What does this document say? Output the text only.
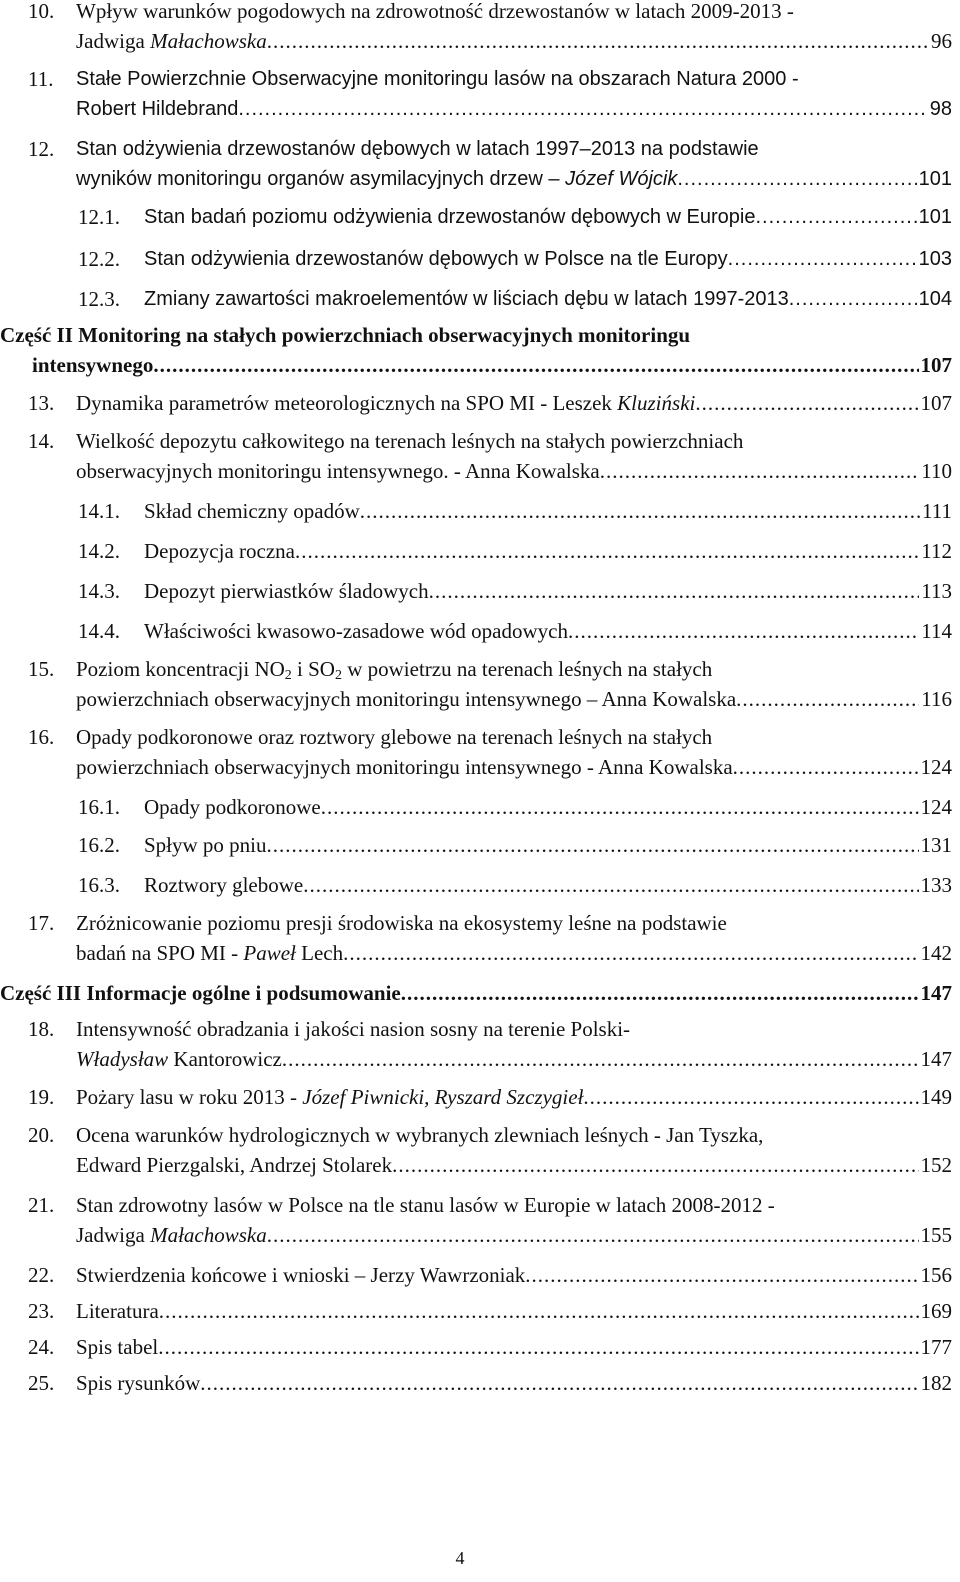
10.	Wpływ warunków pogodowych na zdrowotność drzewostanów w latach 2009-2013 -
Jadwiga Małachowska .....	96
11.	Stałe Powierzchnie Obserwacyjne monitoringu lasów na obszarach Natura 2000 -
Robert Hildebrand .....	98
12.	Stan odżywienia drzewostanów dębowych w latach 1997–2013 na podstawie
wyników monitoringu organów asymilacyjnych drzew – Józef Wójcik .....	101
12.1.	Stan badań poziomu odżywienia drzewostanów dębowych w Europie .....	101
12.2.	Stan odżywienia drzewostanów dębowych w Polsce na tle Europy .....	103
12.3.	Zmiany zawartości makroelementów w liściach dębu w latach 1997-2013 .....	104
Część II Monitoring na stałych powierzchniach obserwacyjnych monitoringu
intensywnego .....	107
13.	Dynamika parametrów meteorologicznych na SPO MI - Leszek Kluziński .....	107
14.	Wielkość depozytu całkowitego na terenach leśnych na stałych powierzchniach
obserwacyjnych monitoringu intensywnego. - Anna Kowalska .....	110
14.1.	Skład chemiczny opadów .....	111
14.2.	Depozycja roczna .....	112
14.3.	Depozyt pierwiastków śladowych .....	113
14.4.	Właściwości kwasowo-zasadowe wód opadowych .....	114
15.	Poziom koncentracji NO2 i SO2 w powietrzu na terenach leśnych na stałych
powierzchniach obserwacyjnych monitoringu intensywnego – Anna Kowalska .....	116
16.	Opady podkoronowe oraz roztwory glebowe na terenach leśnych na stałych
powierzchniach obserwacyjnych monitoringu intensywnego - Anna Kowalska .....	124
16.1.	Opady podkoronowe .....	124
16.2.	Spływ po pniu .....	131
16.3.	Roztwory glebowe .....	133
17.	Zróżnicowanie poziomu presji środowiska na ekosystemy leśne na podstawie
badań na SPO MI - Paweł Lech .....	142
Część III Informacje ogólne i podsumowanie .....	147
18.	Intensywność obradzania i jakości nasion sosny na terenie Polski-
Władysław Kantorowicz .....	147
19.	Pożary lasu w roku 2013 - Józef Piwnicki, Ryszard Szczygieł .....	149
20.	Ocena warunków hydrologicznych w wybranych zlewniach leśnych - Jan Tyszka,
Edward Pierzgalski, Andrzej Stolarek .....	152
21.	Stan zdrowotny lasów w Polsce na tle stanu lasów w Europie w latach 2008-2012 -
Jadwiga Małachowska .....	155
22.	Stwierdzenia końcowe i wnioski – Jerzy Wawrzoniak .....	156
23.	Literatura .....	169
24.	Spis tabel .....	177
25.	Spis rysunków .....	182
4
